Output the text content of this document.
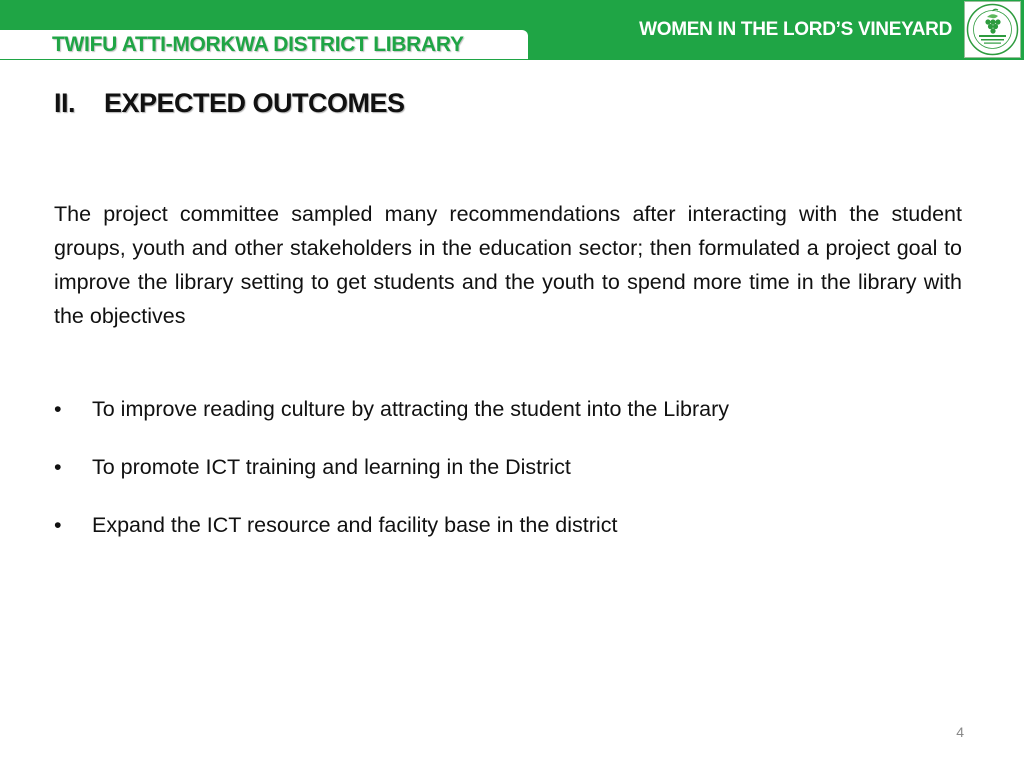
TWIFU ATTI-MORKWA DISTRICT LIBRARY
WOMEN IN THE LORD’S VINEYARD
II. EXPECTED OUTCOMES

The project committee sampled many recommendations after interacting with the student groups, youth and other stakeholders in the education sector; then formulated a project goal to improve the library setting to get students and the youth to spend more time in the library with the objectives

• To improve reading culture by attracting the student into the Library
• To promote ICT training and learning in the District
• Expand the ICT resource and facility base in the district
4
